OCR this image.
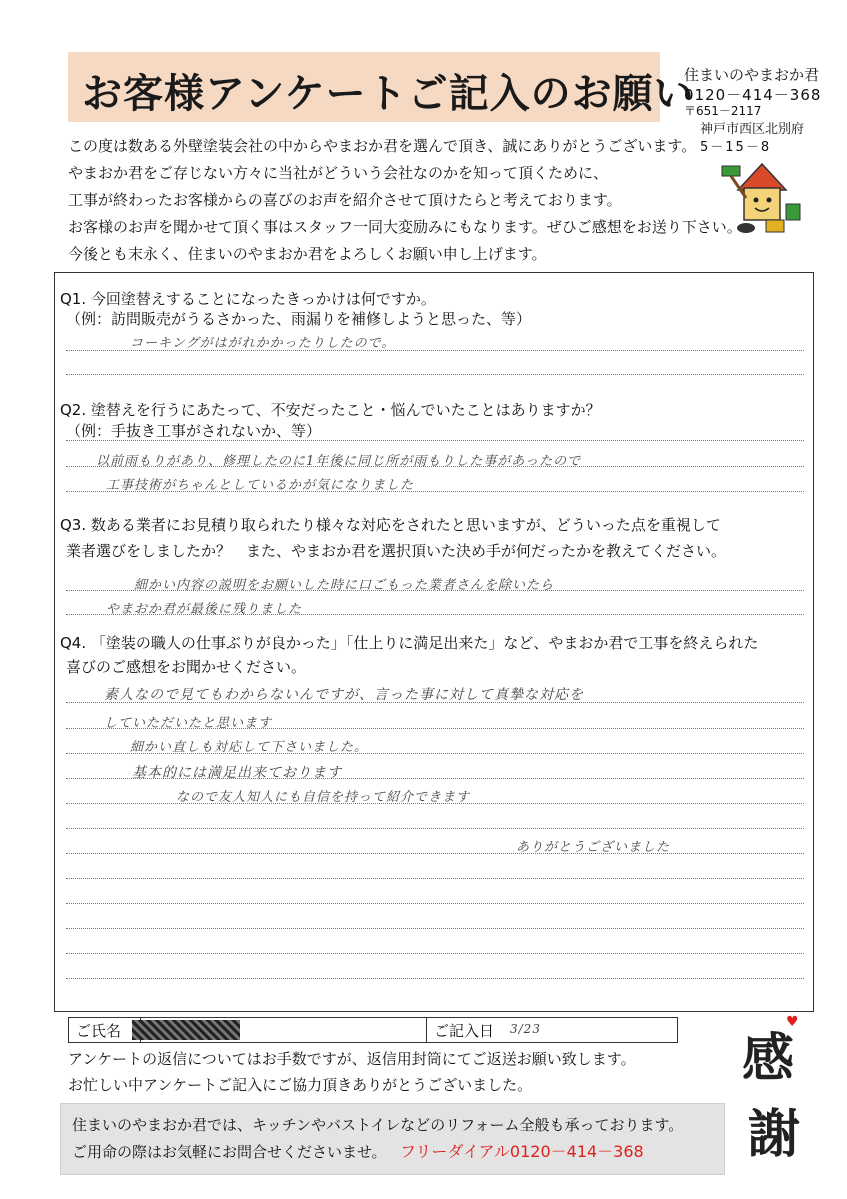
お客様アンケートご記入のお願い
住まいのやまおか君
0120－414－368
〒651－2117
神戸市西区北別府
5－15－8
この度は数ある外壁塗装会社の中からやまおか君を選んで頂き、誠にありがとうございます。
やまおか君をご存じない方々に当社がどういう会社なのかを知って頂くために、
工事が終わったお客様からの喜びのお声を紹介させて頂けたらと考えております。
お客様のお声を聞かせて頂く事はスタッフ一同大変励みにもなります。ぜひご感想をお送り下さい。
今後とも末永く、住まいのやまおか君をよろしくお願い申し上げます。
Q1. 今回塗替えすることになったきっかけは何ですか。
（例：訪問販売がうるさかった、雨漏りを補修しようと思った、等）
コーキングがはがれかかったりしたので。
Q2. 塗替えを行うにあたって、不安だったこと・悩んでいたことはありますか？
（例：手抜き工事がされないか、等）
以前雨もりがあり、修理したのに1年後に同じ所が雨もりした事があったので
工事技術がちゃんとしているかが気になりました
Q3. 数ある業者にお見積り取られたり様々な対応をされたと思いますが、どういった点を重視して
業者選びをしましたか？　また、やまおか君を選択頂いた決め手が何だったかを教えてください。
細かい内容の説明をお願いした時に口ごもった業者さんを除いたら
やまおか君が最後に残りました
Q4. 「塗装の職人の仕事ぶりが良かった」「仕上りに満足出来た」など、やまおか君で工事を終えられた
喜びのご感想をお聞かせください。
素人なので見てもわからないんですが、言った事に対して真摯な対応を
していただいたと思います
細かい直しも対応して下さいました。
基本的には満足出来ております
なので友人知人にも自信を持って紹介できます
ありがとうございました
ご氏名	ご記入日 3/23
アンケートの返信についてはお手数ですが、返信用封筒にてご返送お願い致します。
お忙しい中アンケートご記入にご協力頂きありがとうございました。
住まいのやまおか君では、キッチンやバストイレなどのリフォーム全般も承っております。
ご用命の際はお気軽にお問合せくださいませ。 フリーダイアル0120－414－368
感
♥
謝
